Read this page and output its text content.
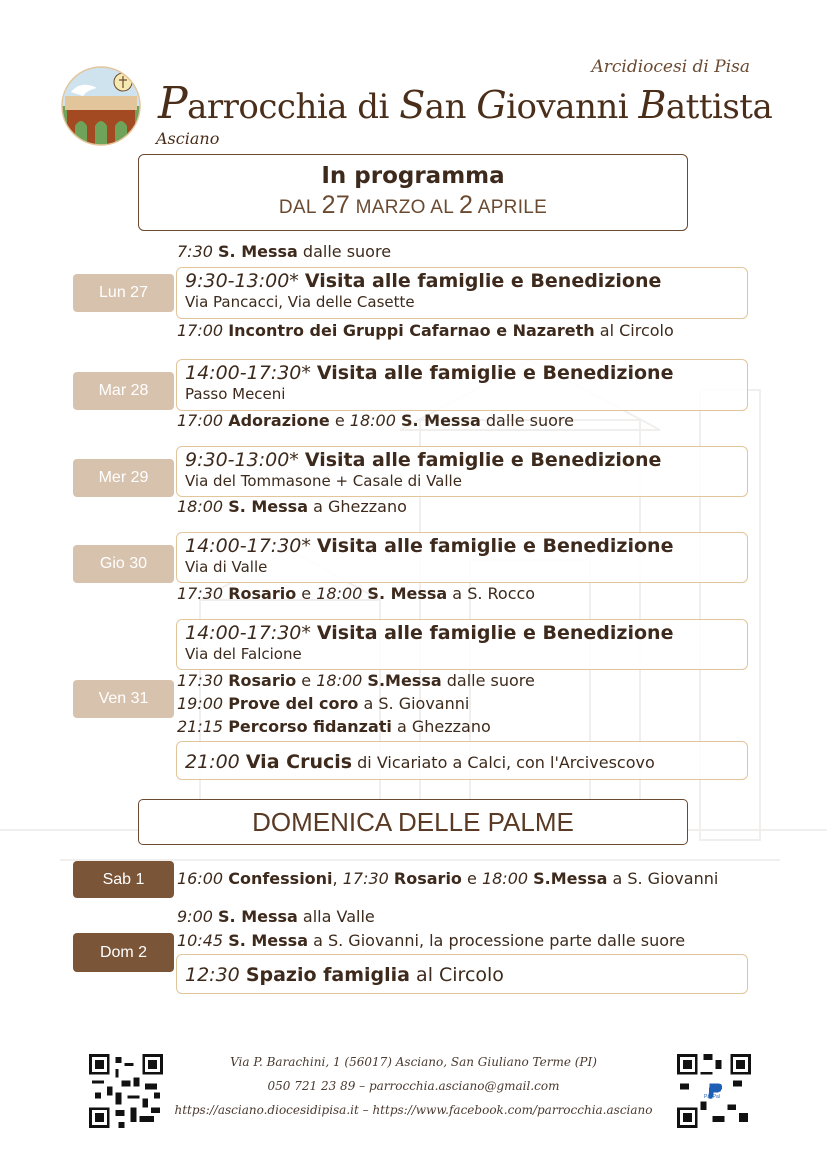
Arcidiocesi di Pisa
Parrocchia di San Giovanni Battista
Asciano
In programma
DAL 27 MARZO AL 2 APRILE
7:30 S. Messa dalle suore
Lun 27
9:30-13:00* Visita alle famiglie e Benedizione
Via Pancacci, Via delle Casette
17:00 Incontro dei Gruppi Cafarnao e Nazareth al Circolo
14:00-17:30* Visita alle famiglie e Benedizione
Passo Meceni
Mar 28
17:00 Adorazione e 18:00 S. Messa dalle suore
9:30-13:00* Visita alle famiglie e Benedizione
Via del Tommasone + Casale di Valle
Mer 29
18:00 S. Messa a Ghezzano
14:00-17:30* Visita alle famiglie e Benedizione
Via di Valle
Gio 30
17:30 Rosario e 18:00 S. Messa a S. Rocco
14:00-17:30* Visita alle famiglie e Benedizione
Via del Falcione
Ven 31
17:30 Rosario e 18:00 S.Messa dalle suore
19:00 Prove del coro a S. Giovanni
21:15 Percorso fidanzati a Ghezzano
21:00 Via Crucis di Vicariato a Calci, con l'Arcivescovo
DOMENICA DELLE PALME
Sab 1	16:00 Confessioni, 17:30 Rosario e 18:00 S.Messa a S. Giovanni
9:00 S. Messa alla Valle
Dom 2
10:45 S. Messa a S. Giovanni, la processione parte dalle suore
12:30 Spazio famiglia al Circolo
Via P. Barachini, 1 (56017) Asciano, San Giuliano Terme (PI)
050 721 23 89 – parrocchia.asciano@gmail.com
https://asciano.diocesidipisa.it – https://www.facebook.com/parrocchia.asciano
PayPal
